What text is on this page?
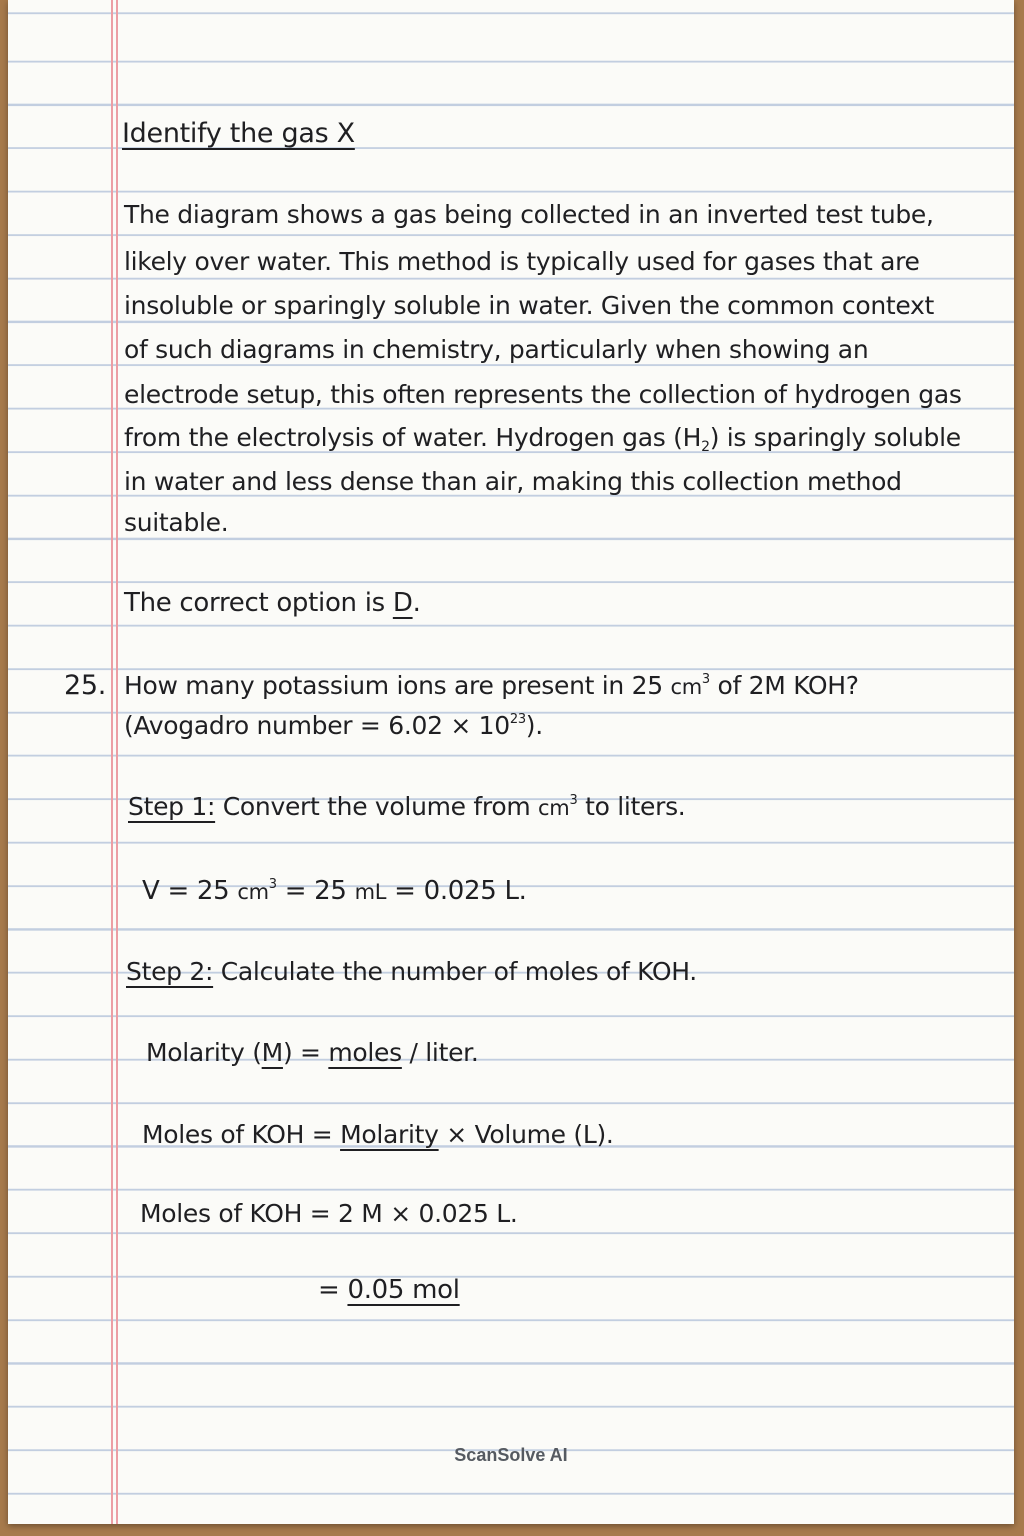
Identify the gas X
The diagram shows a gas being collected in an inverted test tube,
likely over water. This method is typically used for gases that are
insoluble or sparingly soluble in water. Given the common context
of such diagrams in chemistry, particularly when showing an
electrode setup, this often represents the collection of hydrogen gas
from the electrolysis of water. Hydrogen gas $(H_2)$ is sparingly soluble
in water and less dense than air, making this collection method
suitable.
The correct option is D.
25. How many potassium ions are present in 25 $cm^3$ of 2M KOH?
(Avogadro number = $6.02 \times 10^{23}$).
Step 1: Convert the volume from $cm^3$ to liters.
V = 25 $cm^3 = 25$ mL = 0.025 L.
Step 2: Calculate the number of moles of KOH.
Molarity (M) = moles / liter.
Moles of KOH = Molarity × Volume (L).
Moles of KOH = 2 M × 0.025 L.
= 0.05 mol
ScanSolve AI
